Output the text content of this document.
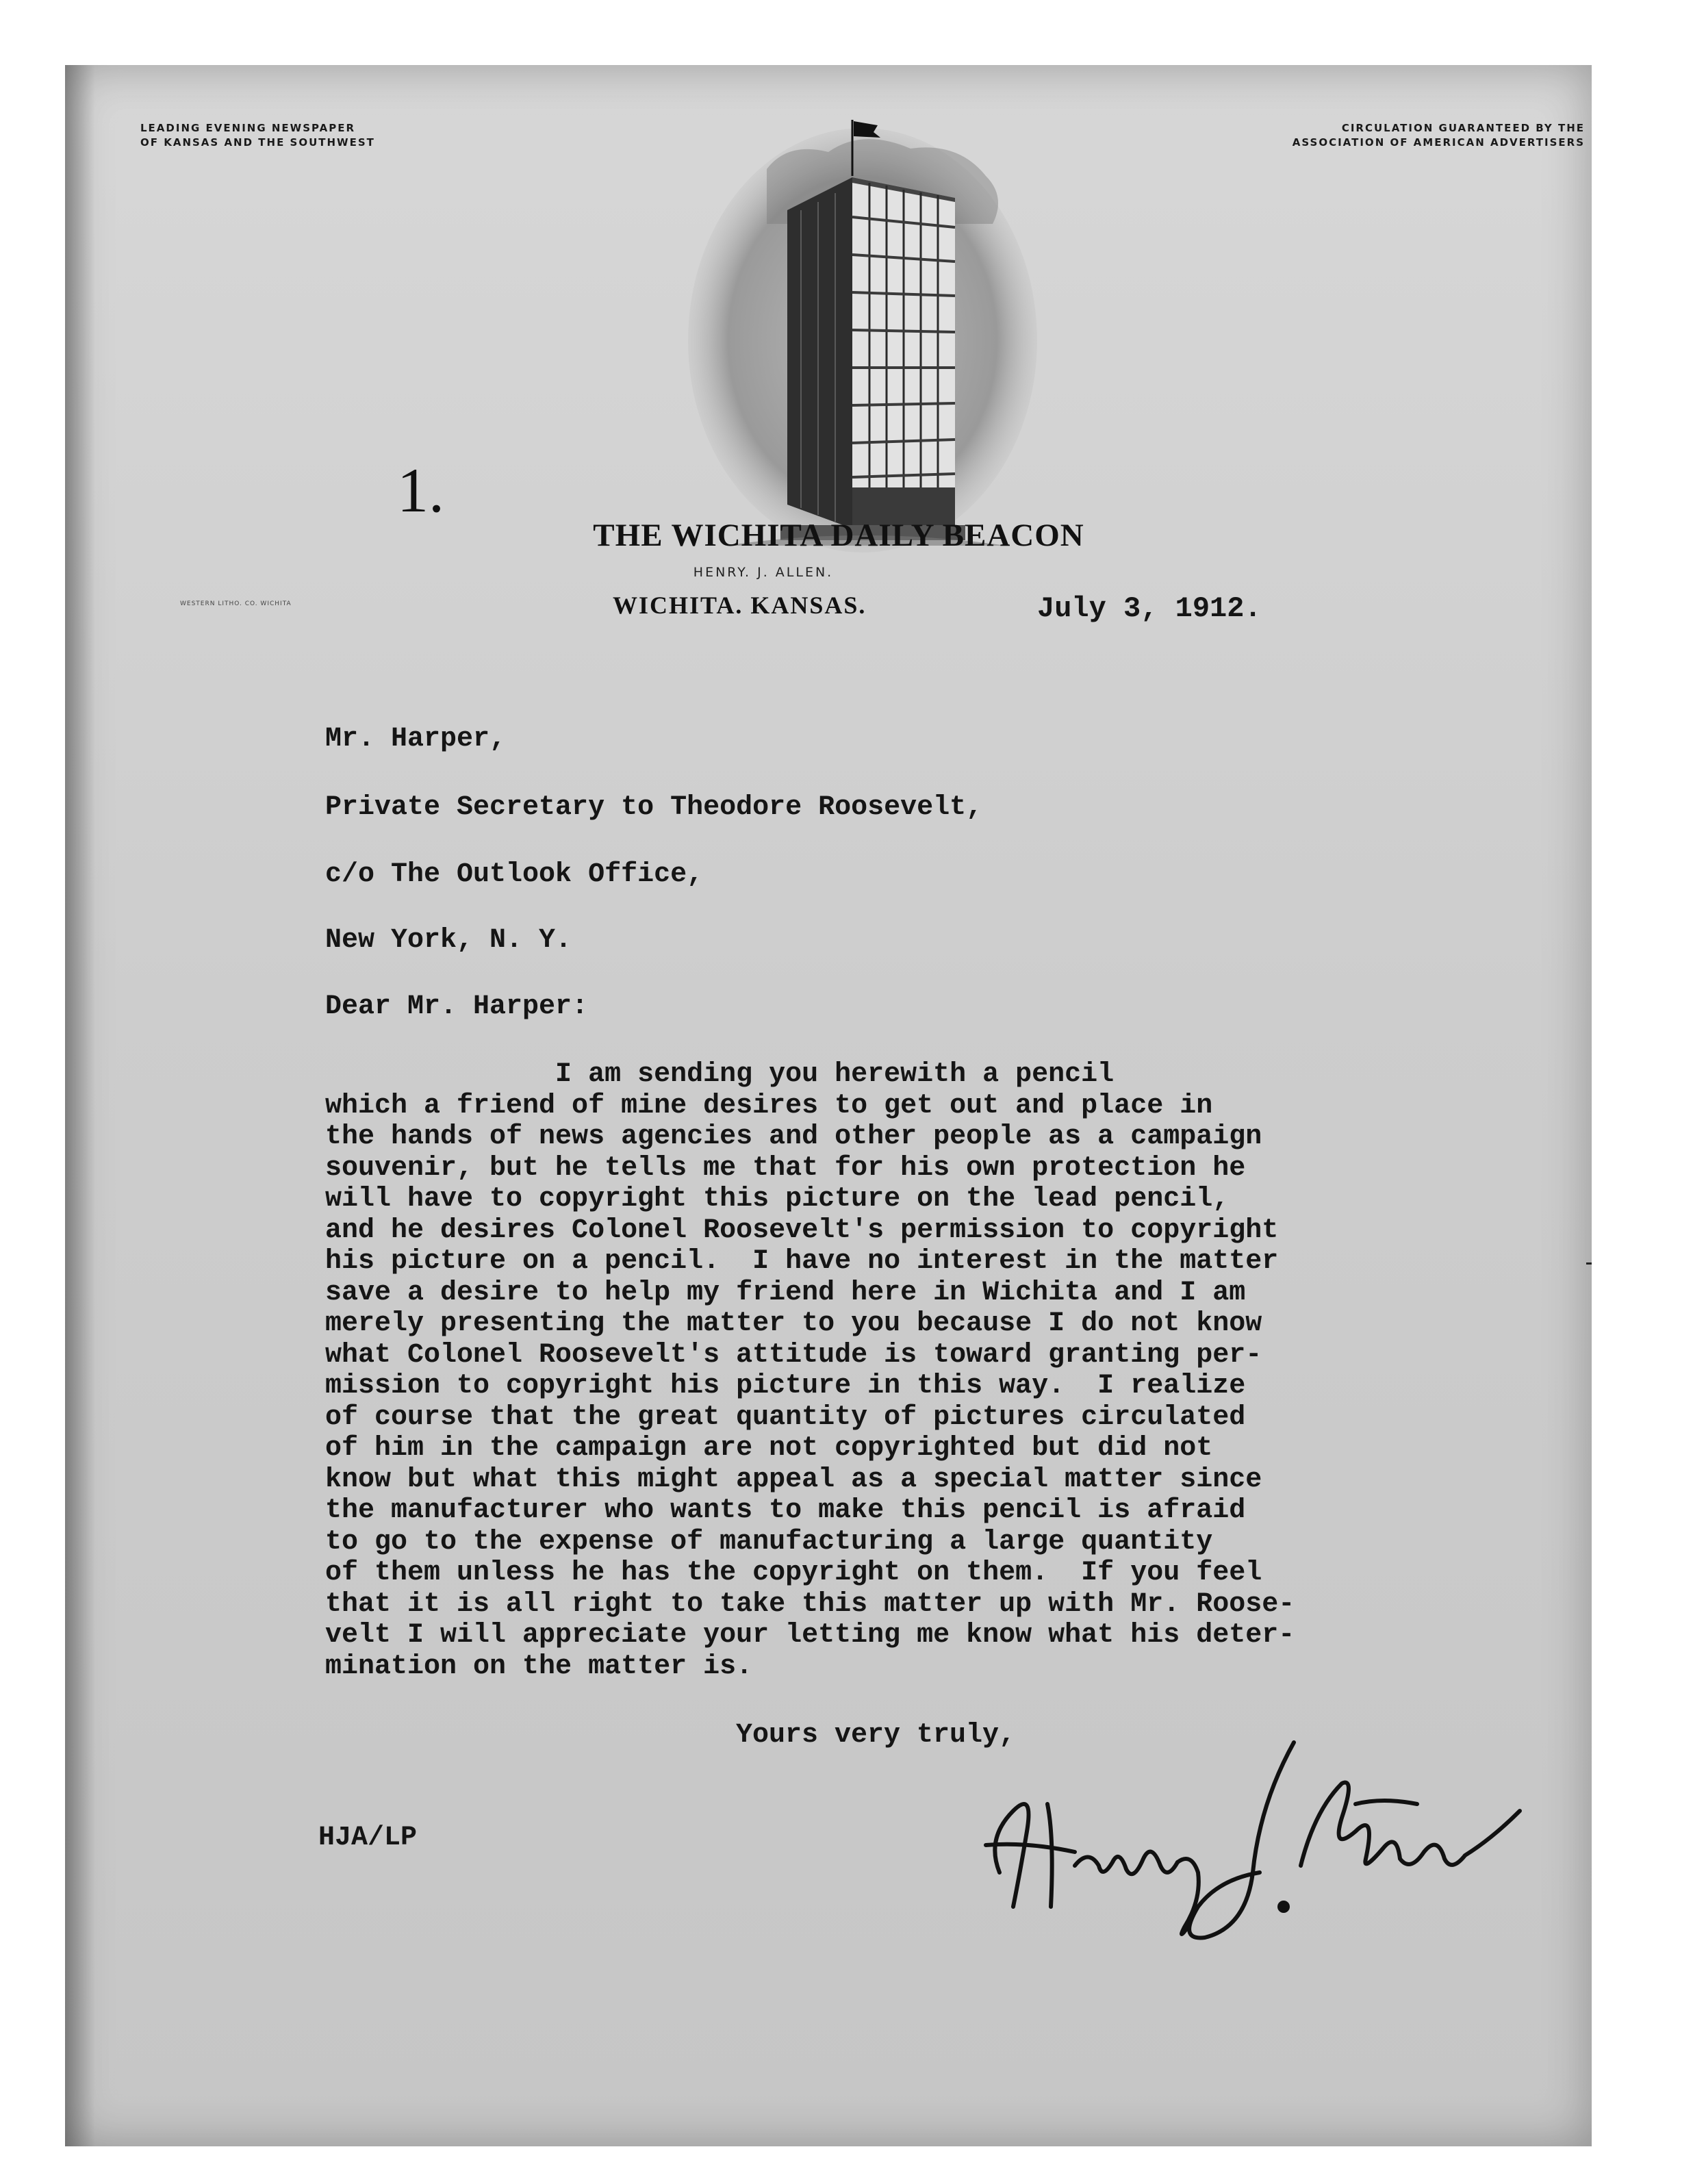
LEADING EVENING NEWSPAPER
OF KANSAS AND THE SOUTHWEST
CIRCULATION GUARANTEED BY THE
ASSOCIATION OF AMERICAN ADVERTISERS
WESTERN LITHO. CO. WICHITA
THE WICHITA DAILY BEACON
HENRY. J. ALLEN.
WICHITA. KANSAS.
1.
July 3, 1912.
Mr. Harper,
Private Secretary to Theodore Roosevelt,
c/o The Outlook Office,
New York, N. Y.
Dear Mr. Harper:
I am sending you herewith a pencil
which a friend of mine desires to get out and place in
the hands of news agencies and other people as a campaign
souvenir, but he tells me that for his own protection he
will have to copyright this picture on the lead pencil,
and he desires Colonel Roosevelt's permission to copyright
his picture on a pencil.  I have no interest in the matter
save a desire to help my friend here in Wichita and I am
merely presenting the matter to you because I do not know
what Colonel Roosevelt's attitude is toward granting per-
mission to copyright his picture in this way.  I realize
of course that the great quantity of pictures circulated
of him in the campaign are not copyrighted but did not
know but what this might appeal as a special matter since
the manufacturer who wants to make this pencil is afraid
to go to the expense of manufacturing a large quantity
of them unless he has the copyright on them.  If you feel
that it is all right to take this matter up with Mr. Roose-
velt I will appreciate your letting me know what his deter-
mination on the matter is.
Yours very truly,
HJA/LP
